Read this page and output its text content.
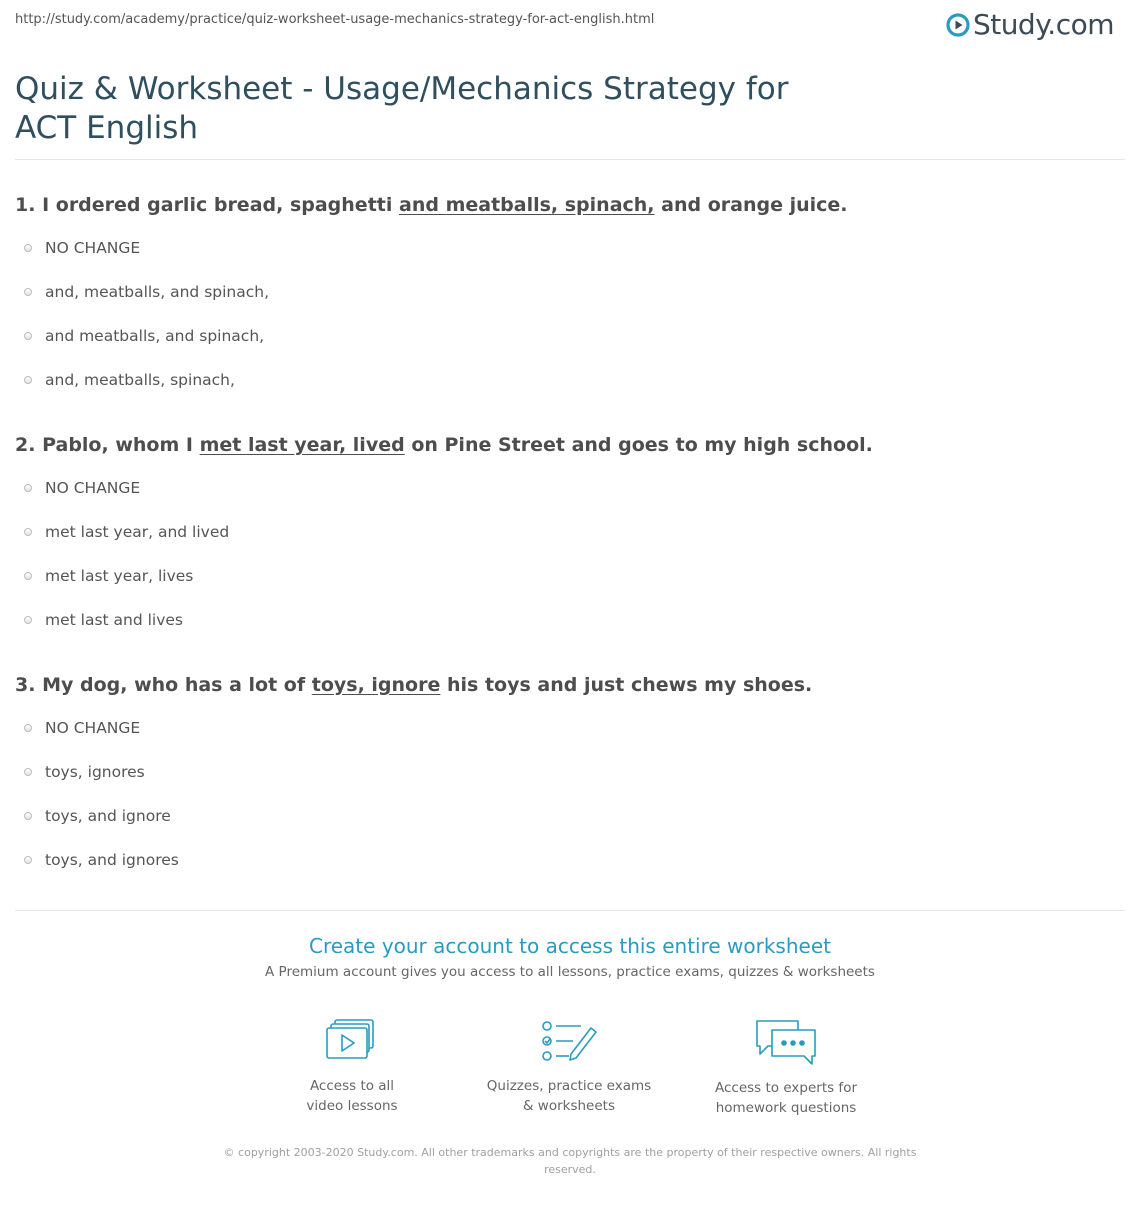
http://study.com/academy/practice/quiz-worksheet-usage-mechanics-strategy-for-act-english.html	Study.com
Quiz & Worksheet - Usage/Mechanics Strategy for ACT English

1. I ordered garlic bread, spaghetti and meatballs, spinach, and orange juice.

NO CHANGE
and, meatballs, and spinach,
and meatballs, and spinach,
and, meatballs, spinach,

2. Pablo, whom I met last year, lived on Pine Street and goes to my high school.

NO CHANGE
met last year, and lived
met last year, lives
met last and lives

3. My dog, who has a lot of toys, ignore his toys and just chews my shoes.

NO CHANGE
toys, ignores
toys, and ignore
toys, and ignores
Create your account to access this entire worksheet
A Premium account gives you access to all lessons, practice exams, quizzes & worksheets
Access to all
video lessons
Quizzes, practice exams
& worksheets
Access to experts for
homework questions
© copyright 2003-2020 Study.com. All other trademarks and copyrights are the property of their respective owners. All rights reserved.
